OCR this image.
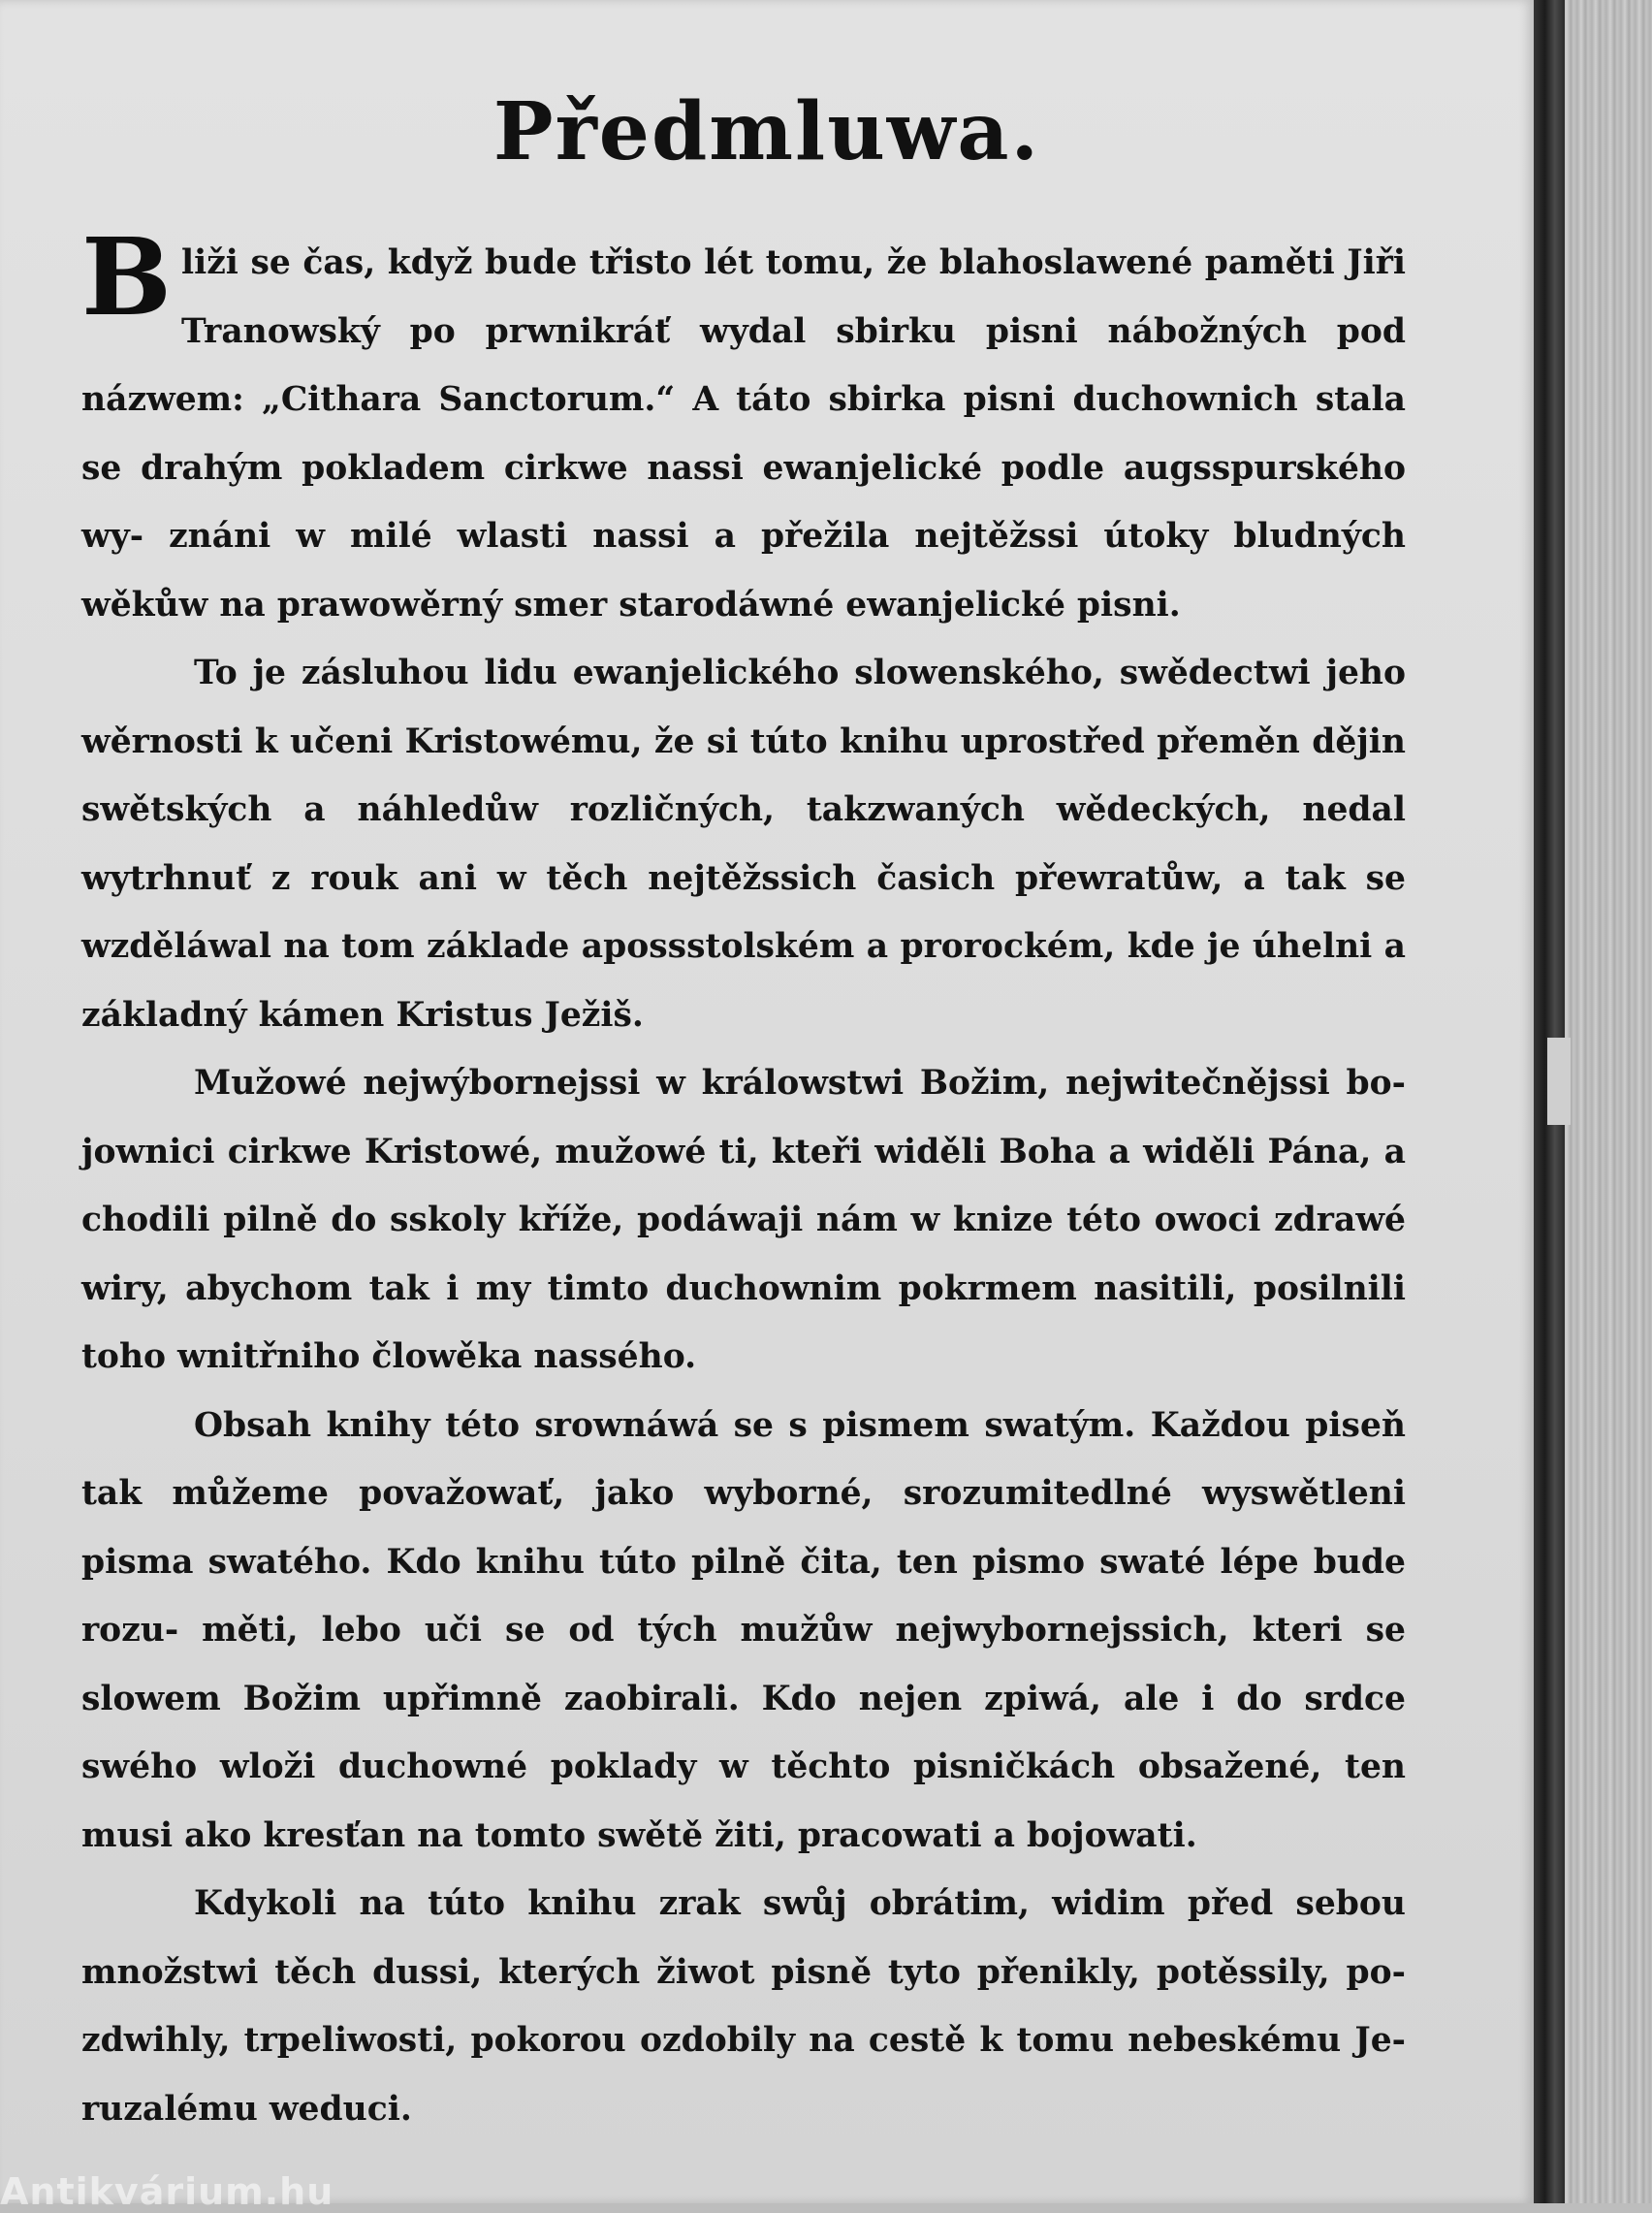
Předmluwa.

Bliži se čas, když bude třisto lét tomu, že blahoslawené paměti Jiři Tranowský po prwnikráť wydal sbirku pisni nábožných pod názwem: „Cithara Sanctorum.“ A táto sbirka pisni duchownich stala se drahým pokladem cirkwe nassi ewanjelické podle augsspurského wy- znáni w milé wlasti nassi a přežila nejtěžssi útoky bludných wěkůw na prawowěrný smer starodáwné ewanjelické pisni.

To je zásluhou lidu ewanjelického slowenského, swědectwi jeho wěrnosti k učeni Kristowému, že si túto knihu uprostřed přeměn dějin swětských a náhledůw rozličných, takzwaných wědeckých, nedal wytrhnuť z rouk ani w těch nejtěžssich časich přewratůw, a tak se wzděláwal na tom základe apossstolském a prorockém, kde je úhelni a základný kámen Kristus Ježiš.

Mužowé nejwýbornejssi w králowstwi Božim, nejwitečnějssi bo- jownici cirkwe Kristowé, mužowé ti, kteři widěli Boha a widěli Pána, a chodili pilně do sskoly kříže, podáwaji nám w knize této owoci zdrawé wiry, abychom tak i my timto duchownim pokrmem nasitili, posilnili toho wnitřniho člowěka nassého.

Obsah knihy této srownáwá se s pismem swatým. Každou piseň tak můžeme považowať, jako wyborné, srozumitedlné wyswětleni pisma swatého. Kdo knihu túto pilně čita, ten pismo swaté lépe bude rozu- měti, lebo uči se od tých mužůw nejwybornejssich, kteri se slowem Božim upřimně zaobirali. Kdo nejen zpiwá, ale i do srdce swého wloži duchowné poklady w těchto pisničkách obsažené, ten musi ako kresťan na tomto swětě žiti, pracowati a bojowati.

Kdykoli na túto knihu zrak swůj obrátim, widim před sebou množstwi těch dussi, kterých žiwot pisně tyto přenikly, potěssily, po- zdwihly, trpeliwosti, pokorou ozdobily na cestě k tomu nebeskému Je- ruzalému weduci.

Antikvárium.hu
